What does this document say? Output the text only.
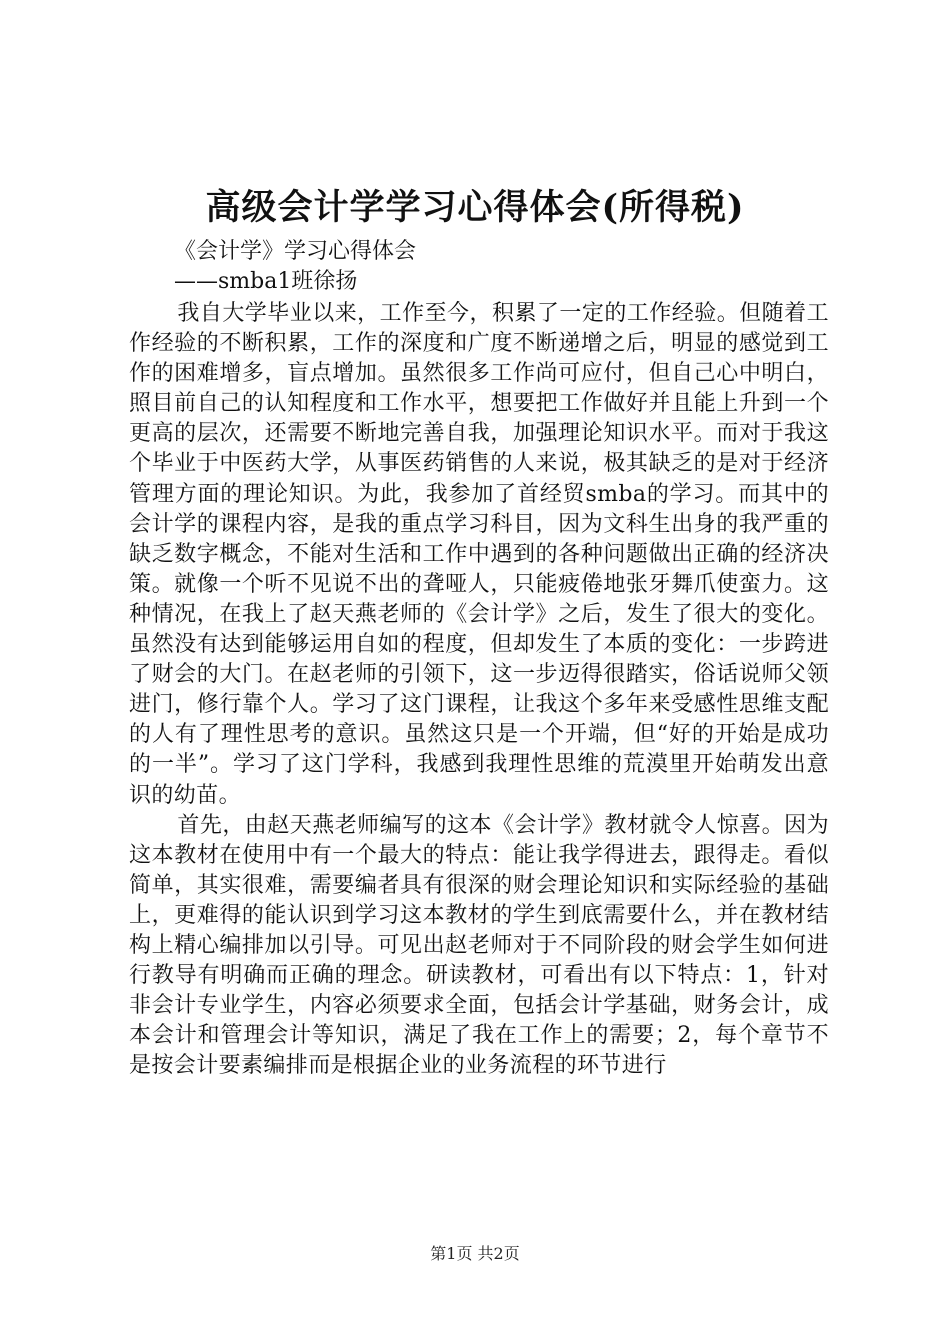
高级会计学学习心得体会(所得税)
《会计学》学习心得体会
——smba1班徐扬

我自大学毕业以来，工作至今，积累了一定的工作经验。但随着工作经验的不断积累，工作的深度和广度不断递增之后，明显的感觉到工作的困难增多，盲点增加。虽然很多工作尚可应付，但自己心中明白，照目前自己的认知程度和工作水平，想要把工作做好并且能上升到一个更高的层次，还需要不断地完善自我，加强理论知识水平。而对于我这个毕业于中医药大学，从事医药销售的人来说，极其缺乏的是对于经济管理方面的理论知识。为此，我参加了首经贸smba的学习。而其中的会计学的课程内容，是我的重点学习科目，因为文科生出身的我严重的缺乏数字概念，不能对生活和工作中遇到的各种问题做出正确的经济决策。就像一个听不见说不出的聋哑人，只能疲倦地张牙舞爪使蛮力。这种情况，在我上了赵天燕老师的《会计学》之后，发生了很大的变化。虽然没有达到能够运用自如的程度，但却发生了本质的变化：一步跨进了财会的大门。在赵老师的引领下，这一步迈得很踏实，俗话说师父领进门，修行靠个人。学习了这门课程，让我这个多年来受感性思维支配的人有了理性思考的意识。虽然这只是一个开端，但“好的开始是成功的一半”。学习了这门学科，我感到我理性思维的荒漠里开始萌发出意识的幼苗。

首先，由赵天燕老师编写的这本《会计学》教材就令人惊喜。因为这本教材在使用中有一个最大的特点：能让我学得进去，跟得走。看似简单，其实很难，需要编者具有很深的财会理论知识和实际经验的基础上，更难得的能认识到学习这本教材的学生到底需要什么，并在教材结构上精心编排加以引导。可见出赵老师对于不同阶段的财会学生如何进行教导有明确而正确的理念。研读教材，可看出有以下特点：1，针对非会计专业学生，内容必须要求全面，包括会计学基础，财务会计，成本会计和管理会计等知识，满足了我在工作上的需要；2，每个章节不是按会计要素编排而是根据企业的业务流程的环节进行

第1页 共2页
